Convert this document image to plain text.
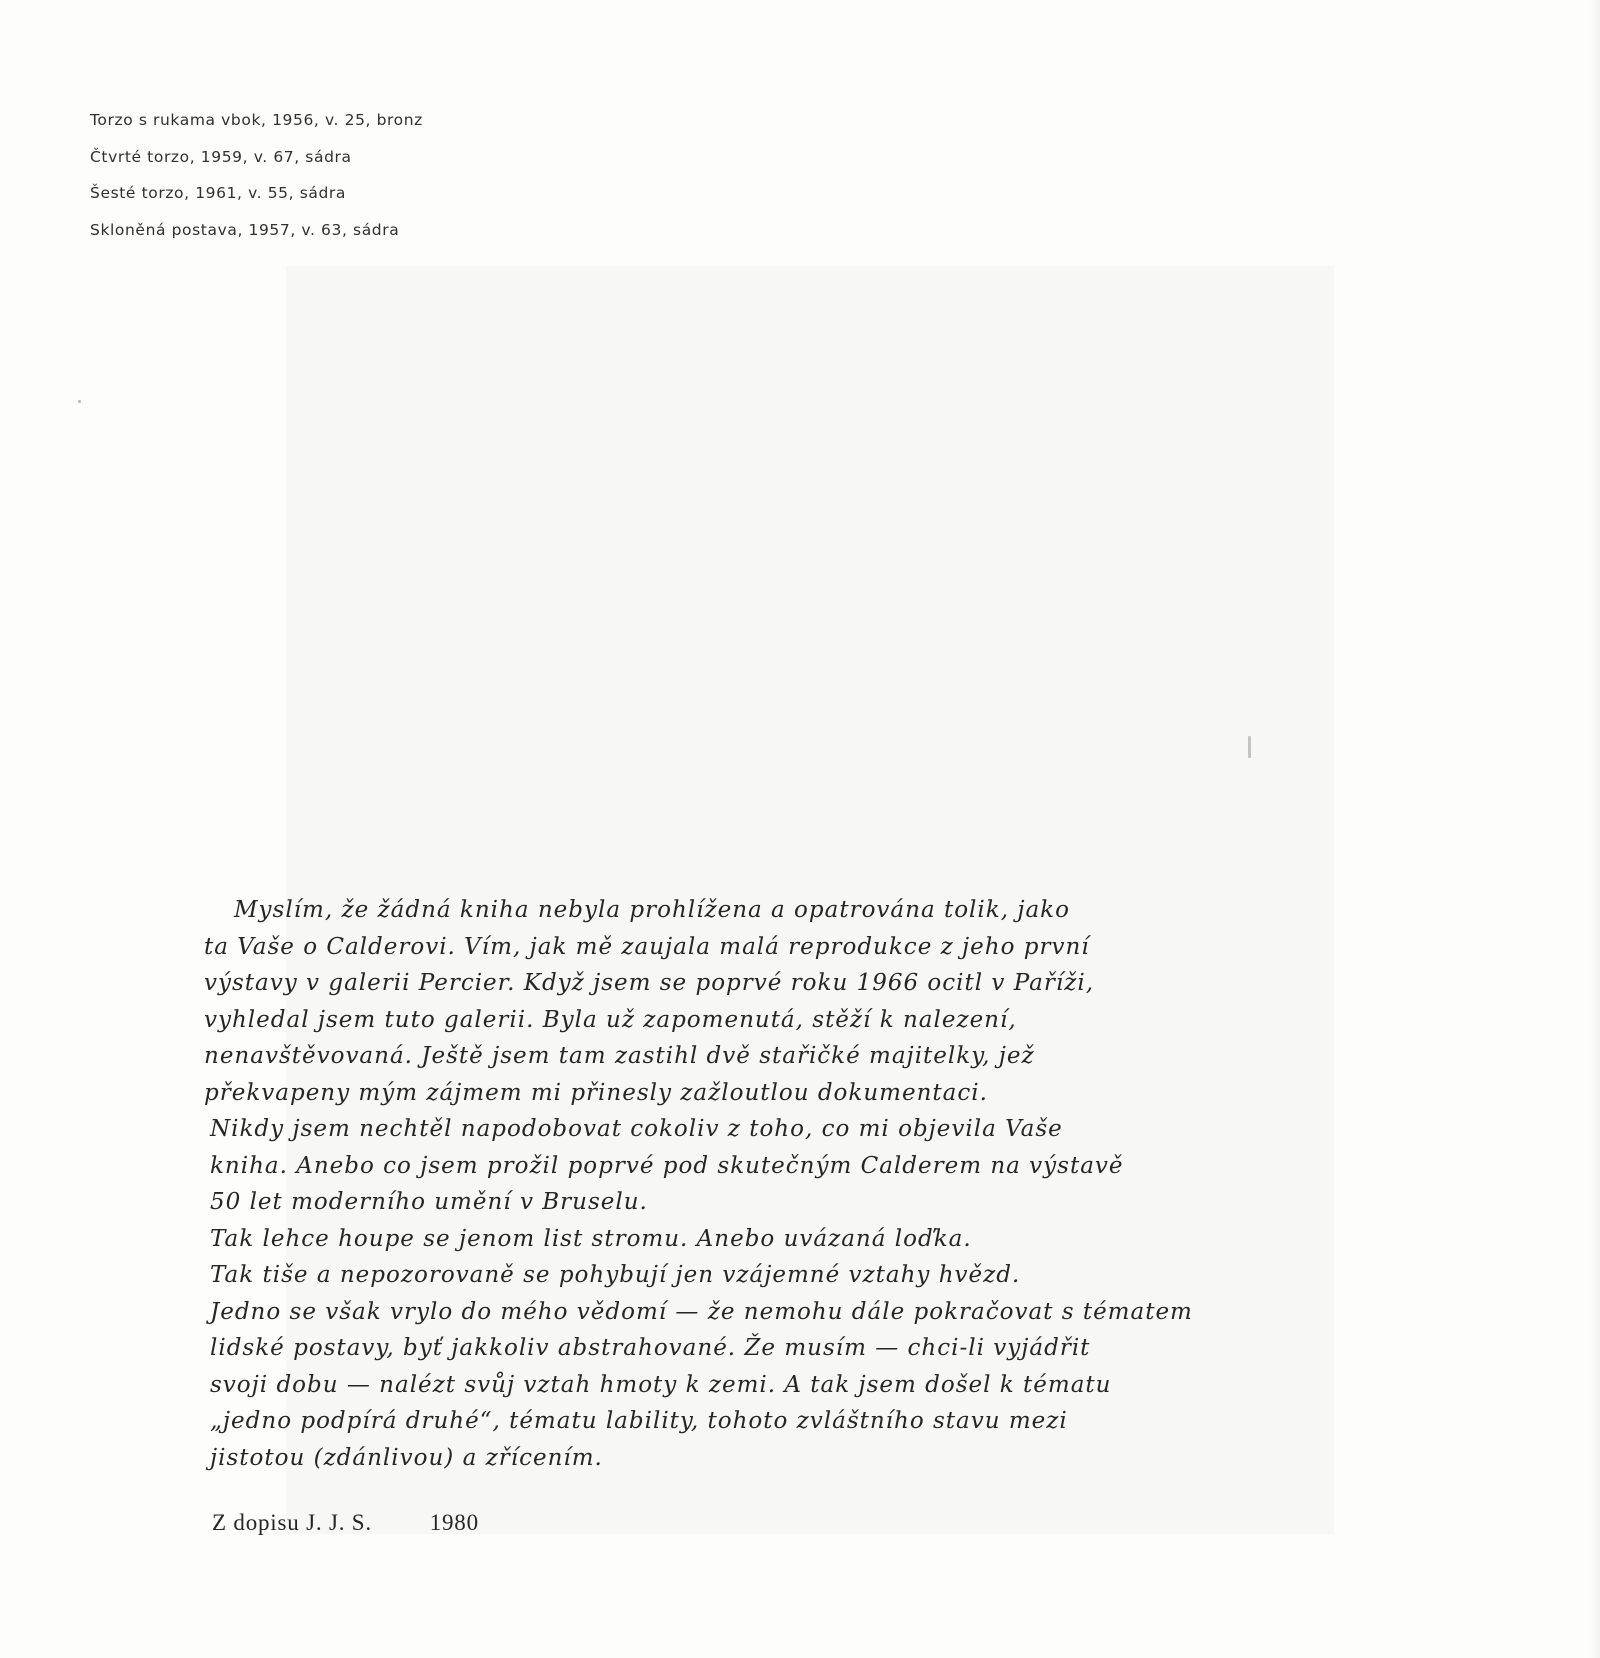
Torzo s rukama vbok, 1956, v. 25, bronz
Čtvrté torzo, 1959, v. 67, sádra
Šesté torzo, 1961, v. 55, sádra
Skloněná postava, 1957, v. 63, sádra
Myslím, že žádná kniha nebyla prohlížena a opatrována tolik, jako
ta Vaše o Calderovi. Vím, jak mě zaujala malá reprodukce z jeho první
výstavy v galerii Percier. Když jsem se poprvé roku 1966 ocitl v Paříži,
vyhledal jsem tuto galerii. Byla už zapomenutá, stěží k nalezení,
nenavštěvovaná. Ještě jsem tam zastihl dvě stařičké majitelky, jež
překvapeny mým zájmem mi přinesly zažloutlou dokumentaci.
Nikdy jsem nechtěl napodobovat cokoliv z toho, co mi objevila Vaše
kniha. Anebo co jsem prožil poprvé pod skutečným Calderem na výstavě
50 let moderního umění v Bruselu.
Tak lehce houpe se jenom list stromu. Anebo uvázaná loďka.
Tak tiše a nepozorovaně se pohybují jen vzájemné vztahy hvězd.
Jedno se však vrylo do mého vědomí — že nemohu dále pokračovat s tématem
lidské postavy, byť jakkoliv abstrahované. Že musím — chci-li vyjádřit
svoji dobu — nalézt svůj vztah hmoty k zemi. A tak jsem došel k tématu
„jedno podpírá druhé“, tématu lability, tohoto zvláštního stavu mezi
jistotou (zdánlivou) a zřícením.
Z dopisu J. J. S.	1980
